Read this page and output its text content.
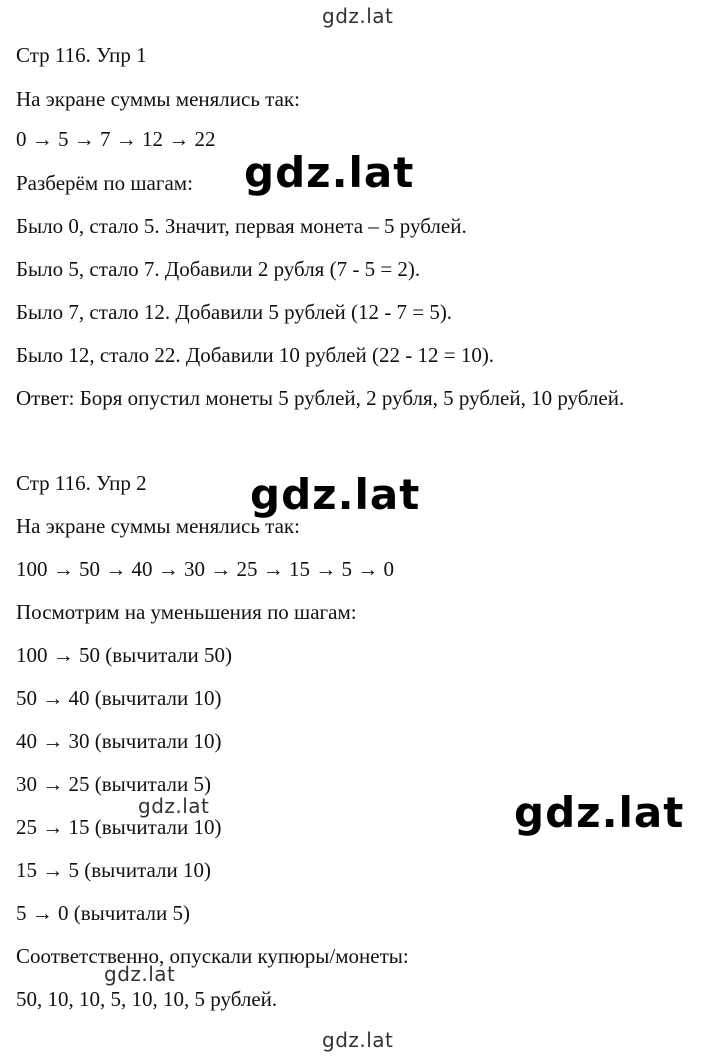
gdz.lat
gdz.lat
gdz.lat
gdz.lat
gdz.lat
gdz.lat
gdz.lat

Стр 116. Упр 1

На экране суммы менялись так:

0 → 5 → 7 → 12 → 22

Разберём по шагам:

Было 0, стало 5. Значит, первая монета – 5 рублей.

Было 5, стало 7. Добавили 2 рубля (7 - 5 = 2).

Было 7, стало 12. Добавили 5 рублей (12 - 7 = 5).

Было 12, стало 22. Добавили 10 рублей (22 - 12 = 10).

Ответ: Боря опустил монеты 5 рублей, 2 рубля, 5 рублей, 10 рублей.

Стр 116. Упр 2

На экране суммы менялись так:

100 → 50 → 40 → 30 → 25 → 15 → 5 → 0

Посмотрим на уменьшения по шагам:

100 → 50 (вычитали 50)

50 → 40 (вычитали 10)

40 → 30 (вычитали 10)

30 → 25 (вычитали 5)

25 → 15 (вычитали 10)

15 → 5 (вычитали 10)

5 → 0 (вычитали 5)

Соответственно, опускали купюры/монеты:

50, 10, 10, 5, 10, 10, 5 рублей.
